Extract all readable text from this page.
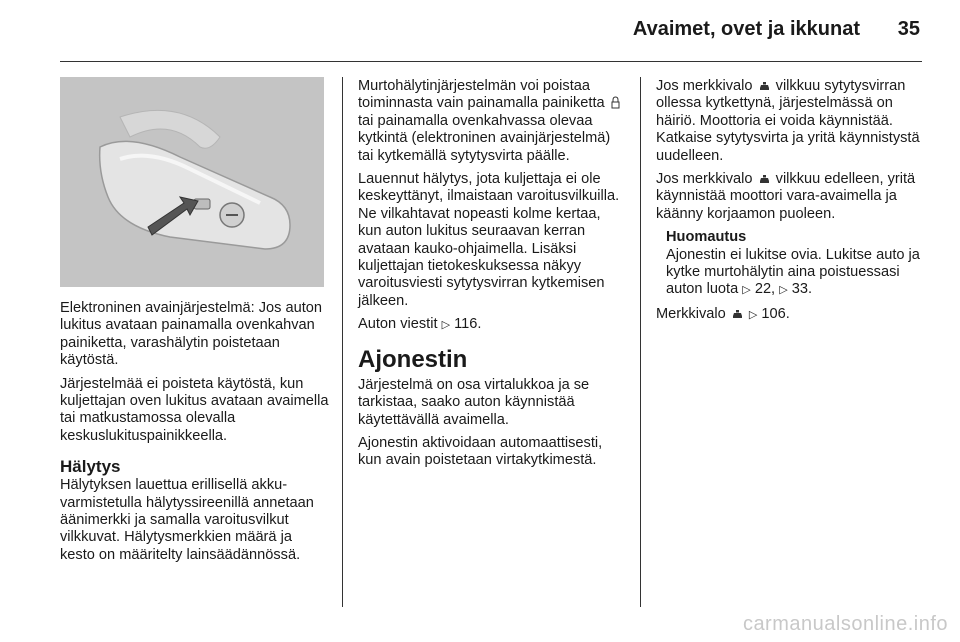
Avaimet, ovet ja ikkunat 35

Elektroninen avainjärjestelmä: Jos auton lukitus avataan painamalla ovenkahvan painiketta, varashälytin poistetaan käytöstä.

Järjestelmää ei poisteta käytöstä, kun kuljettajan oven lukitus avataan avaimella tai matkustamossa olevalla keskuslukituspainikkeella.

Hälytys

Hälytyksen lauettua erillisellä akkuvarmistetulla hälytyssireenillä annetaan äänimerkki ja samalla varoitusvilkut vilkkuvat. Hälytysmerkkien määrä ja kesto on määritelty lainsäädännössä.

Murtohälytinjärjestelmän voi poistaa toiminnasta vain painamalla painiketta  tai painamalla ovenkahvassa olevaa kytkintä (elektroninen avainjärjestelmä) tai kytkemällä sytytysvirta päälle.

Lauennut hälytys, jota kuljettaja ei ole keskeyttänyt, ilmaistaan varoitusvilkuilla. Ne vilkahtavat nopeasti kolme kertaa, kun auton lukitus seuraavan kerran avataan kauko-ohjaimella. Lisäksi kuljettajan tietokeskuksessa näkyy varoitusviesti sytytysvirran kytkemisen jälkeen.

Auton viestit ▷ 116.

Ajonestin

Järjestelmä on osa virtalukkoa ja se tarkistaa, saako auton käynnistää käytettävällä avaimella.

Ajonestin aktivoidaan automaattisesti, kun avain poistetaan virtakytkimestä.

Jos merkkivalo vilkkuu sytytysvirran ollessa kytkettynä, järjestelmässä on häiriö. Moottoria ei voida käynnistää. Katkaise sytytysvirta ja yritä käynnistystä uudelleen.

Jos merkkivalo vilkkuu edelleen, yritä käynnistää moottori vara-avaimella ja käänny korjaamon puoleen.

Huomautus

Ajonestin ei lukitse ovia. Lukitse auto ja kytke murtohälytin aina poistuessasi auton luota ▷ 22, ▷ 33.

Merkkivalo ▷ 106.

carmanualsonline.info
